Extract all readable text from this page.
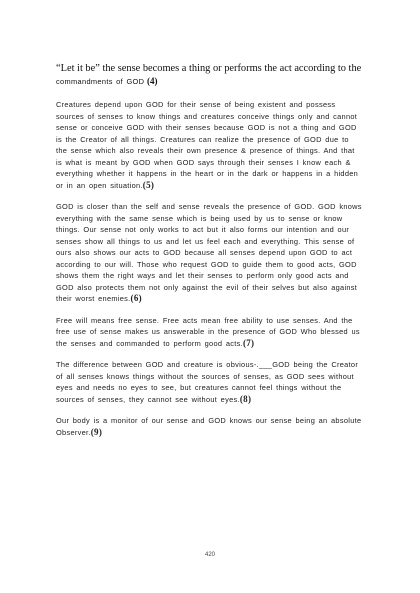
“Let it be” the sense becomes a thing or performs the act according to the
commandments of GOD (4)

Creatures depend upon GOD for their sense of being existent and possess sources of senses to know things and creatures conceive things only and cannot sense or conceive GOD with their senses because GOD is not a thing and GOD is the Creator of all things. Creatures can realize the presence of GOD due to the sense which also reveals their own presence & presence of things. And that is what is meant by GOD when GOD says through their senses I know each & everything whether it happens in the heart or in the dark or happens in a hidden or in an open situation.(5)

GOD is closer than the self and sense reveals the presence of GOD. GOD knows everything with the same sense which is being used by us to sense or know things. Our sense not only works to act but it also forms our intention and our senses show all things to us and let us feel each and everything. This sense of ours also shows our acts to GOD because all senses depend upon GOD to act according to our will. Those who request GOD to guide them to good acts, GOD shows them the right ways and let their senses to perform only good acts and GOD also protects them not only against the evil of their selves but also against their worst enemies.(6)

Free will means free sense. Free acts mean free ability to use senses. And the free use of sense makes us answerable in the presence of GOD Who blessed us the senses and commanded to perform good acts.(7)

The difference between GOD and creature is obvious-.___GOD being the Creator of all senses knows things without the sources of senses, as GOD sees without eyes and needs no eyes to see, but creatures cannot feel things without the sources of senses, they cannot see without eyes.(8)

Our body is a monitor of our sense and GOD knows our sense being an absolute Observer.(9)

420
